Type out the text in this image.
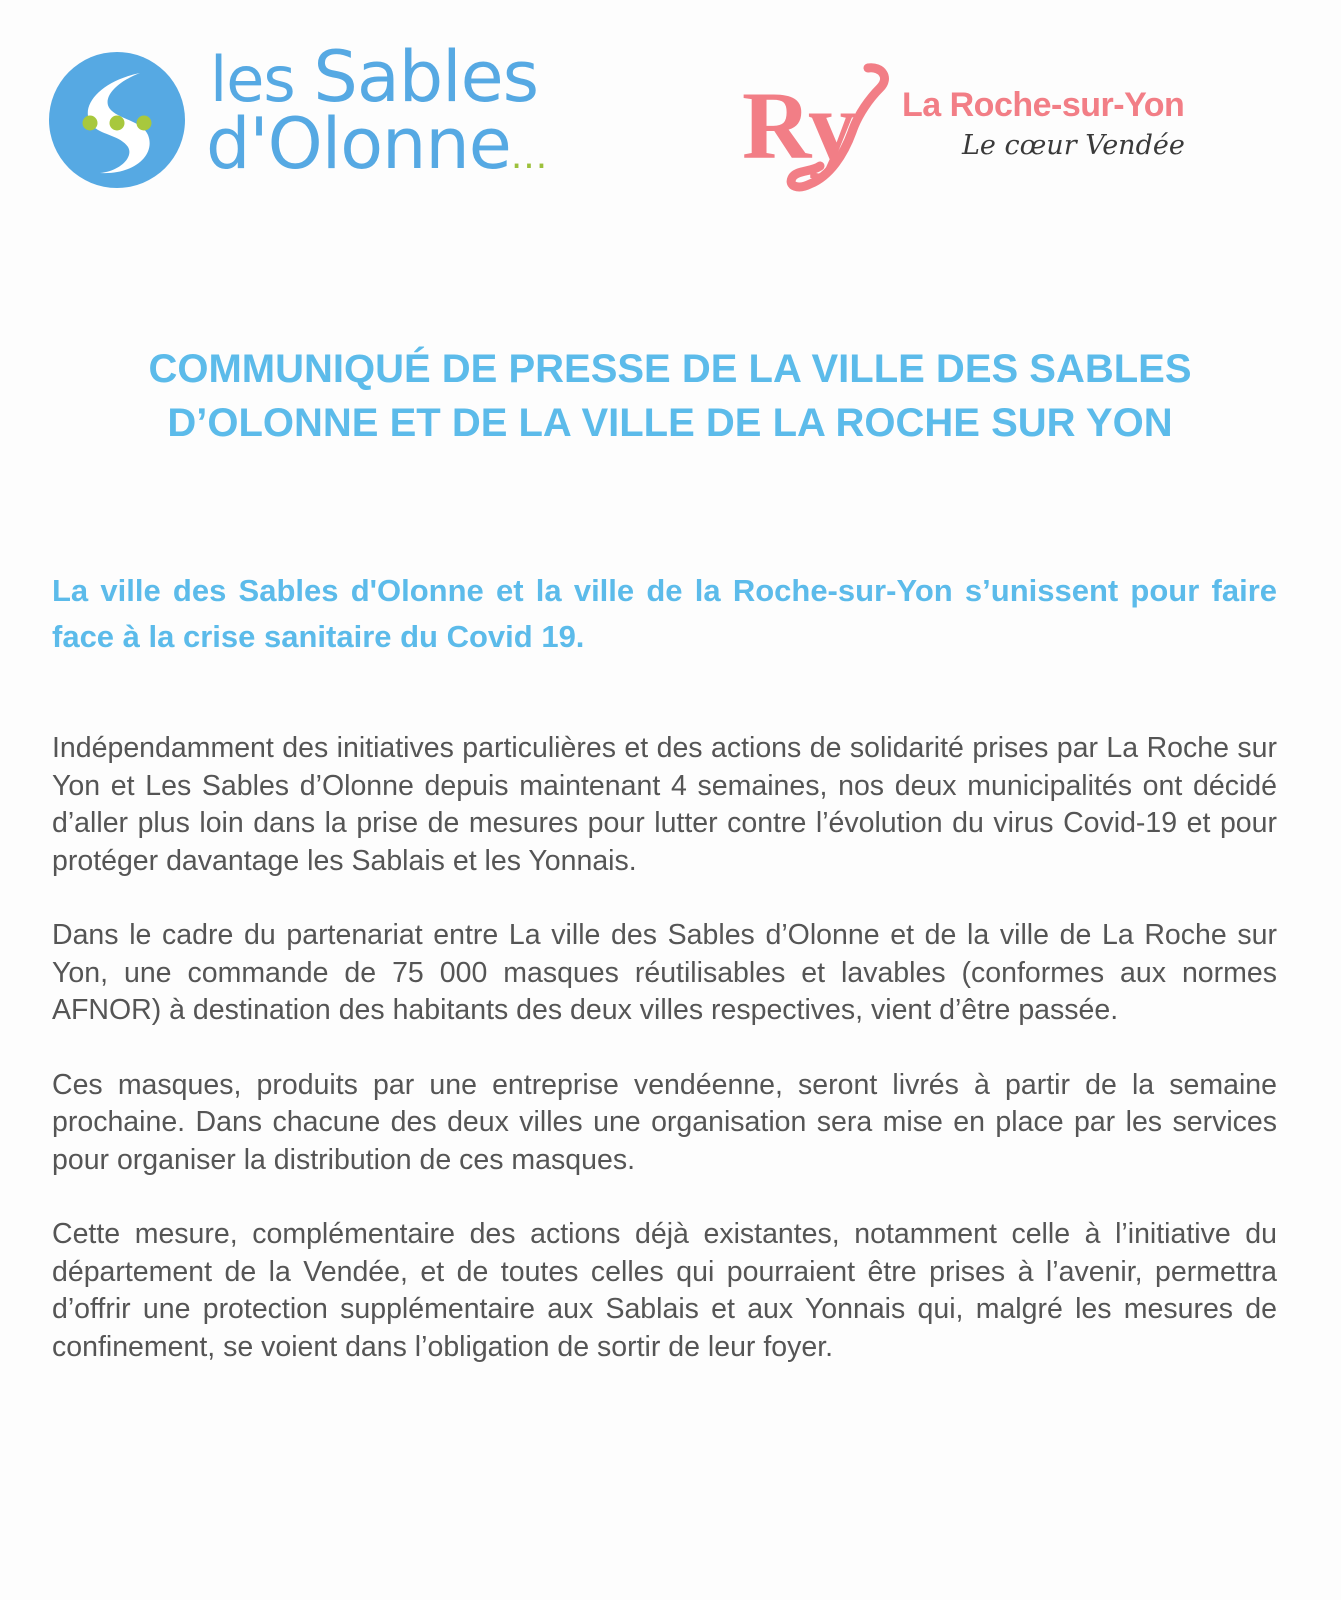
les Sables
d'Olonne... Ry La Roche-sur-Yon
Le cœur Vendée
COMMUNIQUÉ DE PRESSE DE LA VILLE DES SABLES D’OLONNE ET DE LA VILLE DE LA ROCHE SUR YON
La ville des Sables d'Olonne et la ville de la Roche-sur-Yon s’unissent pour faire face à la crise sanitaire du Covid 19.

Indépendamment des initiatives particulières et des actions de solidarité prises par La Roche sur Yon et Les Sables d’Olonne depuis maintenant 4 semaines, nos deux municipalités ont décidé d’aller plus loin dans la prise de mesures pour lutter contre l’évolution du virus Covid-19 et pour protéger davantage les Sablais et les Yonnais.

Dans le cadre du partenariat entre La ville des Sables d’Olonne et de la ville de La Roche sur Yon, une commande de 75 000 masques réutilisables et lavables (conformes aux normes AFNOR) à destination des habitants des deux villes respectives, vient d’être passée.

Ces masques, produits par une entreprise vendéenne, seront livrés à partir de la semaine prochaine. Dans chacune des deux villes une organisation sera mise en place par les services pour organiser la distribution de ces masques.

Cette mesure, complémentaire des actions déjà existantes, notamment celle à l’initiative du département de la Vendée, et de toutes celles qui pourraient être prises à l’avenir, permettra d’offrir une protection supplémentaire aux Sablais et aux Yonnais qui, malgré les mesures de confinement, se voient dans l’obligation de sortir de leur foyer.
